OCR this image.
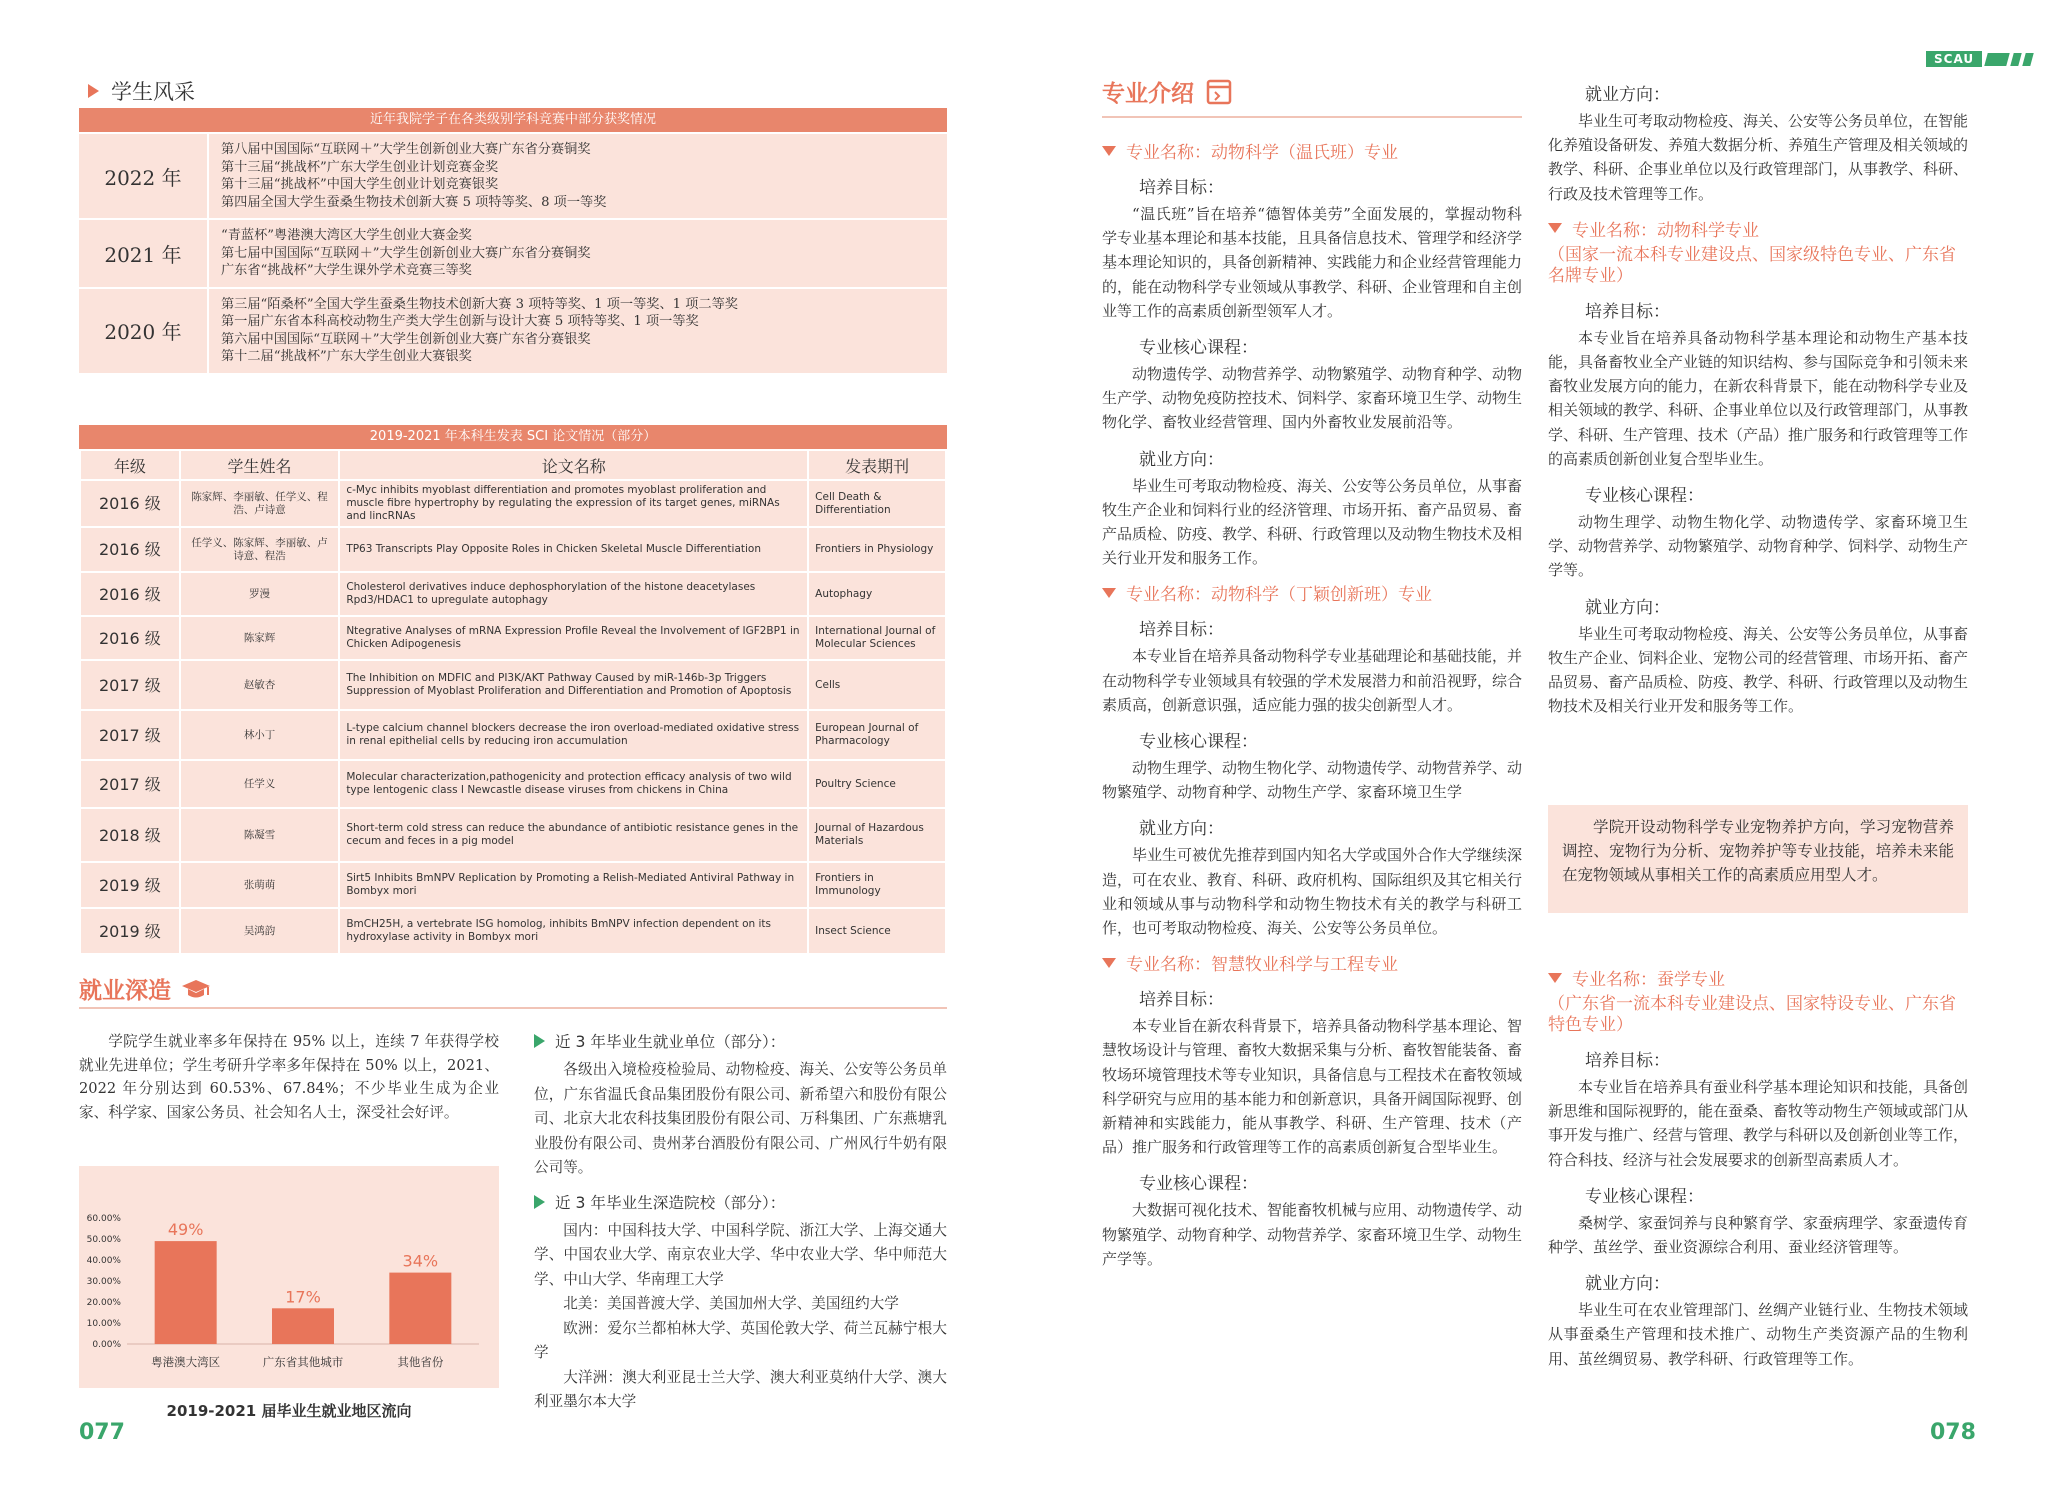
学生风采
近年我院学子在各类级别学科竞赛中部分获奖情况
2022 年
第八届中国国际“互联网＋”大学生创新创业大赛广东省分赛铜奖
第十三届“挑战杯”广东大学生创业计划竞赛金奖
第十三届“挑战杯”中国大学生创业计划竞赛银奖
第四届全国大学生蚕桑生物技术创新大赛 5 项特等奖、8 项一等奖
2021 年
“青蓝杯”粤港澳大湾区大学生创业大赛金奖
第七届中国国际“互联网＋”大学生创新创业大赛广东省分赛铜奖
广东省“挑战杯”大学生课外学术竞赛三等奖
2020 年
第三届“陌桑杯”全国大学生蚕桑生物技术创新大赛 3 项特等奖、1 项一等奖、1 项二等奖
第一届广东省本科高校动物生产类大学生创新与设计大赛 5 项特等奖、1 项一等奖
第六届中国国际“互联网＋”大学生创新创业大赛广东省分赛银奖
第十二届“挑战杯”广东大学生创业大赛银奖
2019-2021 年本科生发表 SCI 论文情况（部分）
年级	学生姓名	论文名称	发表期刊
2016 级	陈家辉、李丽敏、任学义、程浩、卢诗意	c-Myc inhibits myoblast differentiation and promotes myoblast proliferation and muscle fibre hypertrophy by regulating the expression of its target genes, miRNAs and lincRNAs	Cell Death & Differentiation
2016 级	任学义、陈家辉、李丽敏、卢诗意、程浩	TP63 Transcripts Play Opposite Roles in Chicken Skeletal Muscle Differentiation	Frontiers in Physiology
2016 级	罗漫	Cholesterol derivatives induce dephosphorylation of the histone deacetylases Rpd3/HDAC1 to upregulate autophagy	Autophagy
2016 级	陈家辉	Ntegrative Analyses of mRNA Expression Profile Reveal the Involvement of IGF2BP1 in Chicken Adipogenesis	International Journal of Molecular Sciences
2017 级	赵敏杏	The Inhibition on MDFIC and PI3K/AKT Pathway Caused by miR-146b-3p Triggers Suppression of Myoblast Proliferation and Differentiation and Promotion of Apoptosis	Cells
2017 级	林小丁	L-type calcium channel blockers decrease the iron overload-mediated oxidative stress in renal epithelial cells by reducing iron accumulation	European Journal of Pharmacology
2017 级	任学义	Molecular characterization,pathogenicity and protection efficacy analysis of two wild type lentogenic class I Newcastle disease viruses from chickens in China	Poultry Science
2018 级	陈凝雪	Short-term cold stress can reduce the abundance of antibiotic resistance genes in the cecum and feces in a pig model	Journal of Hazardous Materials
2019 级	张萌萌	Sirt5 Inhibits BmNPV Replication by Promoting a Relish-Mediated Antiviral Pathway in Bombyx mori	Frontiers in Immunology
2019 级	吴鸿韵	BmCH25H, a vertebrate ISG homolog, inhibits BmNPV infection dependent on its hydroxylase activity in Bombyx mori	Insect Science
就业深造
学院学生就业率多年保持在 95% 以上，连续 7 年获得学校就业先进单位；学生考研升学率多年保持在 50% 以上，2021、2022 年分别达到 60.53%、67.84%；不少毕业生成为企业家、科学家、国家公务员、社会知名人士，深受社会好评。
0.00%
10.00%
20.00%
30.00%
40.00%
50.00%
60.00%
49%
粤港澳大湾区
17%
广东省其他城市
34%
其他省份
2019-2021 届毕业生就业地区流向
近 3 年毕业生就业单位（部分）：
各级出入境检疫检验局、动物检疫、海关、公安等公务员单位，广东省温氏食品集团股份有限公司、新希望六和股份有限公司、北京大北农科技集团股份有限公司、万科集团、广东燕塘乳业股份有限公司、贵州茅台酒股份有限公司、广州风行牛奶有限公司等。
近 3 年毕业生深造院校（部分）：
国内：中国科技大学、中国科学院、浙江大学、上海交通大学、中国农业大学、南京农业大学、华中农业大学、华中师范大学、中山大学、华南理工大学
北美：美国普渡大学、美国加州大学、美国纽约大学
欧洲：爱尔兰都柏林大学、英国伦敦大学、荷兰瓦赫宁根大学
大洋洲：澳大利亚昆士兰大学、澳大利亚莫纳什大学、澳大利亚墨尔本大学
077
SCAU
专业介绍
专业名称：动物科学（温氏班）专业
培养目标：
“温氏班”旨在培养“德智体美劳”全面发展的，掌握动物科学专业基本理论和基本技能，且具备信息技术、管理学和经济学基本理论知识的，具备创新精神、实践能力和企业经营管理能力的，能在动物科学专业领域从事教学、科研、企业管理和自主创业等工作的高素质创新型领军人才。
专业核心课程：
动物遗传学、动物营养学、动物繁殖学、动物育种学、动物生产学、动物免疫防控技术、饲料学、家畜环境卫生学、动物生物化学、畜牧业经营管理、国内外畜牧业发展前沿等。
就业方向：
毕业生可考取动物检疫、海关、公安等公务员单位，从事畜牧生产企业和饲料行业的经济管理、市场开拓、畜产品贸易、畜产品质检、防疫、教学、科研、行政管理以及动物生物技术及相关行业开发和服务工作。
专业名称：动物科学（丁颖创新班）专业
培养目标：
本专业旨在培养具备动物科学专业基础理论和基础技能，并在动物科学专业领域具有较强的学术发展潜力和前沿视野，综合素质高，创新意识强，适应能力强的拔尖创新型人才。
专业核心课程：
动物生理学、动物生物化学、动物遗传学、动物营养学、动物繁殖学、动物育种学、动物生产学、家畜环境卫生学
就业方向：
毕业生可被优先推荐到国内知名大学或国外合作大学继续深造，可在农业、教育、科研、政府机构、国际组织及其它相关行业和领域从事与动物科学和动物生物技术有关的教学与科研工作，也可考取动物检疫、海关、公安等公务员单位。
专业名称：智慧牧业科学与工程专业
培养目标：
本专业旨在新农科背景下，培养具备动物科学基本理论、智慧牧场设计与管理、畜牧大数据采集与分析、畜牧智能装备、畜牧场环境管理技术等专业知识，具备信息与工程技术在畜牧领域科学研究与应用的基本能力和创新意识，具备开阔国际视野、创新精神和实践能力，能从事教学、科研、生产管理、技术（产品）推广服务和行政管理等工作的高素质创新复合型毕业生。
专业核心课程：
大数据可视化技术、智能畜牧机械与应用、动物遗传学、动物繁殖学、动物育种学、动物营养学、家畜环境卫生学、动物生产学等。
就业方向：
毕业生可考取动物检疫、海关、公安等公务员单位，在智能化养殖设备研发、养殖大数据分析、养殖生产管理及相关领域的教学、科研、企事业单位以及行政管理部门，从事教学、科研、行政及技术管理等工作。
专业名称：动物科学专业
（国家一流本科专业建设点、国家级特色专业、广东省名牌专业）
培养目标：
本专业旨在培养具备动物科学基本理论和动物生产基本技能，具备畜牧业全产业链的知识结构、参与国际竞争和引领未来畜牧业发展方向的能力，在新农科背景下，能在动物科学专业及相关领域的教学、科研、企事业单位以及行政管理部门，从事教学、科研、生产管理、技术（产品）推广服务和行政管理等工作的高素质创新创业复合型毕业生。
专业核心课程：
动物生理学、动物生物化学、动物遗传学、家畜环境卫生学、动物营养学、动物繁殖学、动物育种学、饲料学、动物生产学等。
就业方向：
毕业生可考取动物检疫、海关、公安等公务员单位，从事畜牧生产企业、饲料企业、宠物公司的经营管理、市场开拓、畜产品贸易、畜产品质检、防疫、教学、科研、行政管理以及动物生物技术及相关行业开发和服务等工作。
学院开设动物科学专业宠物养护方向，学习宠物营养调控、宠物行为分析、宠物养护等专业技能，培养未来能在宠物领域从事相关工作的高素质应用型人才。
专业名称：蚕学专业
（广东省一流本科专业建设点、国家特设专业、广东省特色专业）
培养目标：
本专业旨在培养具有蚕业科学基本理论知识和技能，具备创新思维和国际视野的，能在蚕桑、畜牧等动物生产领域或部门从事开发与推广、经营与管理、教学与科研以及创新创业等工作，符合科技、经济与社会发展要求的创新型高素质人才。
专业核心课程：
桑树学、家蚕饲养与良种繁育学、家蚕病理学、家蚕遗传育种学、茧丝学、蚕业资源综合利用、蚕业经济管理等。
就业方向：
毕业生可在农业管理部门、丝绸产业链行业、生物技术领域从事蚕桑生产管理和技术推广、动物生产类资源产品的生物利用、茧丝绸贸易、教学科研、行政管理等工作。
078
